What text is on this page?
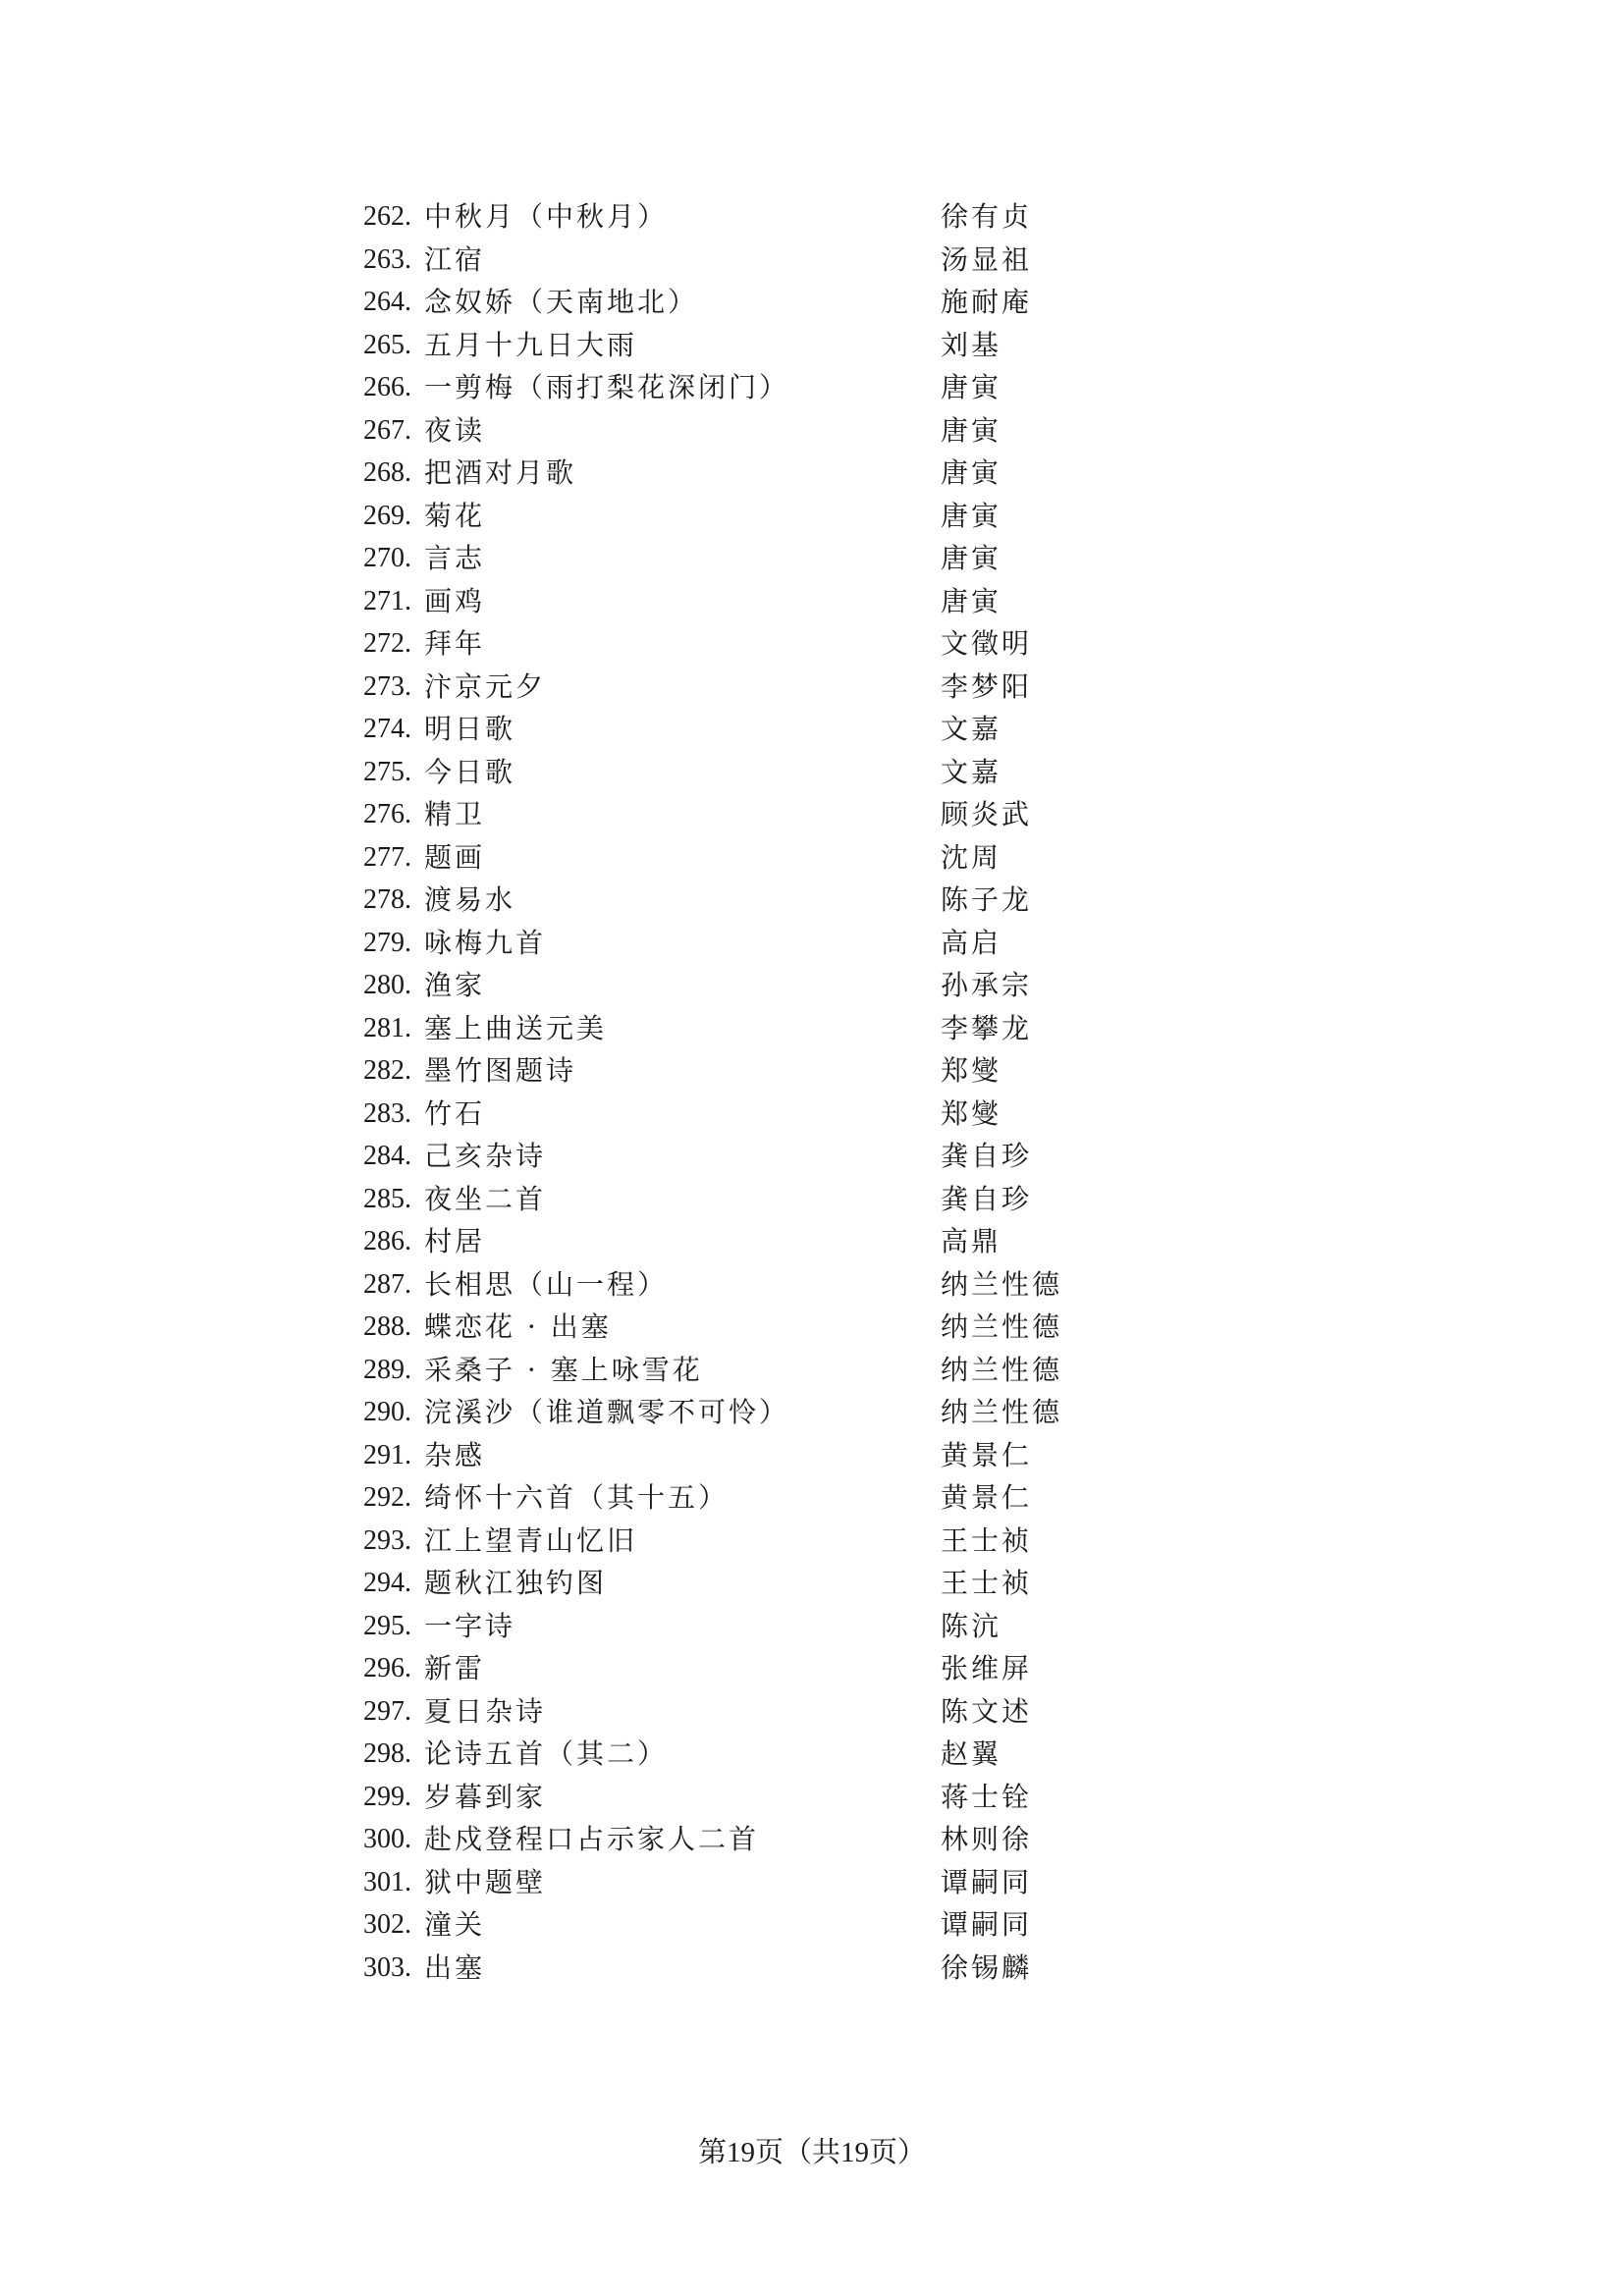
262. 中秋月（中秋月）	徐有贞
263. 江宿	汤显祖
264. 念奴娇（天南地北）	施耐庵
265. 五月十九日大雨	刘基
266. 一剪梅（雨打梨花深闭门）	唐寅
267. 夜读	唐寅
268. 把酒对月歌	唐寅
269. 菊花	唐寅
270. 言志	唐寅
271. 画鸡	唐寅
272. 拜年	文徵明
273. 汴京元夕	李梦阳
274. 明日歌	文嘉
275. 今日歌	文嘉
276. 精卫	顾炎武
277. 题画	沈周
278. 渡易水	陈子龙
279. 咏梅九首	高启
280. 渔家	孙承宗
281. 塞上曲送元美	李攀龙
282. 墨竹图题诗	郑燮
283. 竹石	郑燮
284. 己亥杂诗	龚自珍
285. 夜坐二首	龚自珍
286. 村居	高鼎
287. 长相思（山一程）	纳兰性德
288. 蝶恋花 · 出塞	纳兰性德
289. 采桑子 · 塞上咏雪花	纳兰性德
290. 浣溪沙（谁道飘零不可怜）	纳兰性德
291. 杂感	黄景仁
292. 绮怀十六首（其十五）	黄景仁
293. 江上望青山忆旧	王士祯
294. 题秋江独钓图	王士祯
295. 一字诗	陈沆
296. 新雷	张维屏
297. 夏日杂诗	陈文述
298. 论诗五首（其二）	赵翼
299. 岁暮到家	蒋士铨
300. 赴戍登程口占示家人二首	林则徐
301. 狱中题壁	谭嗣同
302. 潼关	谭嗣同
303. 出塞	徐锡麟
第19页（共19页）
